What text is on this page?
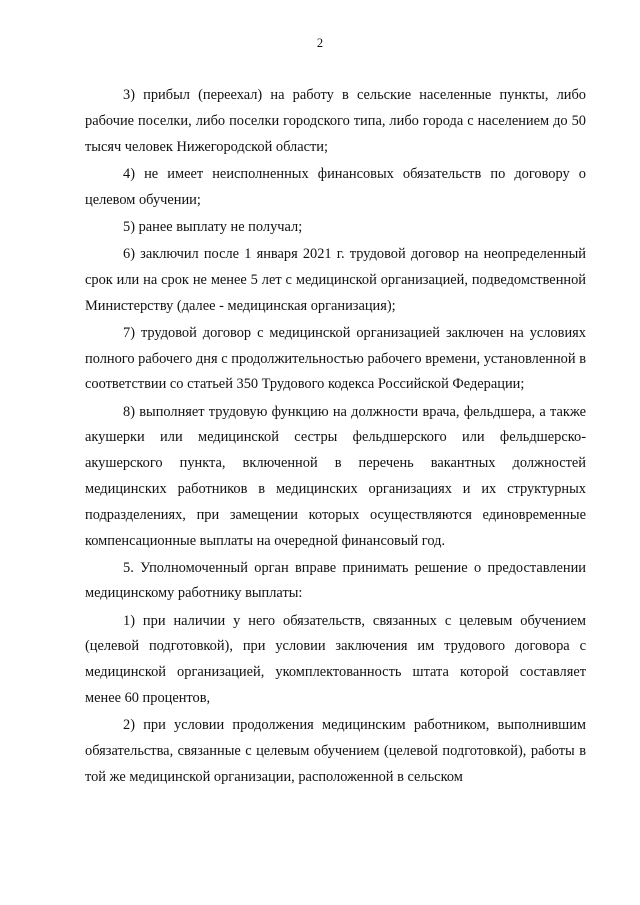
2

3) прибыл (переехал) на работу в сельские населенные пункты, либо рабочие поселки, либо поселки городского типа, либо города с населением до 50 тысяч человек Нижегородской области;

4) не имеет неисполненных финансовых обязательств по договору о целевом обучении;

5) ранее выплату не получал;

6) заключил после 1 января 2021 г. трудовой договор на неопределенный срок или на срок не менее 5 лет с медицинской организацией, подведомственной Министерству (далее - медицинская организация);

7) трудовой договор с медицинской организацией заключен на условиях полного рабочего дня с продолжительностью рабочего времени, установленной в соответствии со статьей 350 Трудового кодекса Российской Федерации;

8) выполняет трудовую функцию на должности врача, фельдшера, а также акушерки или медицинской сестры фельдшерского или фельдшерско-акушерского пункта, включенной в перечень вакантных должностей медицинских работников в медицинских организациях и их структурных подразделениях, при замещении которых осуществляются единовременные компенсационные выплаты на очередной финансовый год.

5. Уполномоченный орган вправе принимать решение о предоставлении медицинскому работнику выплаты:

1) при наличии у него обязательств, связанных с целевым обучением (целевой подготовкой), при условии заключения им трудового договора с медицинской организацией, укомплектованность штата которой составляет менее 60 процентов,

2) при условии продолжения медицинским работником, выполнившим обязательства, связанные с целевым обучением (целевой подготовкой), работы в той же медицинской организации, расположенной в сельском
